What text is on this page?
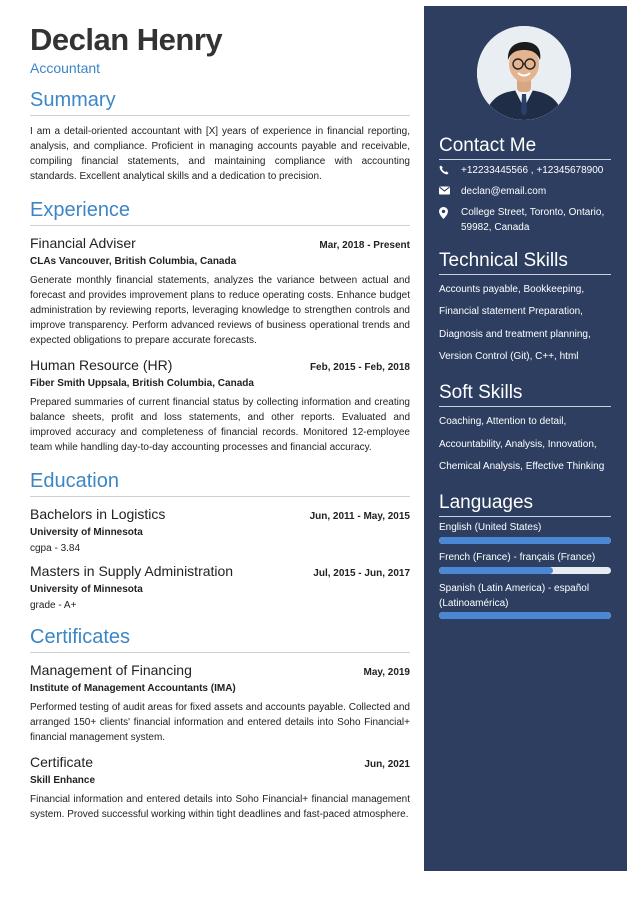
Declan Henry
Accountant
Summary
I am a detail-oriented accountant with [X] years of experience in financial reporting, analysis, and compliance. Proficient in managing accounts payable and receivable, compiling financial statements, and maintaining compliance with accounting standards. Excellent analytical skills and a dedication to precision.
Experience
Financial Adviser	Mar, 2018 - Present
CLAs Vancouver, British Columbia, Canada
Generate monthly financial statements, analyzes the variance between actual and forecast and provides improvement plans to reduce operating costs. Enhance budget administration by reviewing reports, leveraging knowledge to strengthen controls and improve transparency. Perform advanced reviews of business operational trends and expected obligations to prepare accurate forecasts.
Human Resource (HR)	Feb, 2015 - Feb, 2018
Fiber Smith Uppsala, British Columbia, Canada
Prepared summaries of current financial status by collecting information and creating balance sheets, profit and loss statements, and other reports. Evaluated and improved accuracy and completeness of financial records. Monitored 12-employee team while handling day-to-day accounting processes and financial accuracy.
Education
Bachelors in Logistics	Jun, 2011 - May, 2015
University of Minnesota
cgpa - 3.84
Masters in Supply Administration	Jul, 2015 - Jun, 2017
University of Minnesota
grade - A+
Certificates
Management of Financing	May, 2019
Institute of Management Accountants (IMA)
Performed testing of audit areas for fixed assets and accounts payable. Collected and arranged 150+ clients' financial information and entered details into Soho Financial+ financial management system.
Certificate	Jun, 2021
Skill Enhance
Financial information and entered details into Soho Financial+ financial management system. Proved successful working within tight deadlines and fast-paced atmosphere.
Contact Me
+12233445566 , +12345678900
declan@email.com
College Street, Toronto, Ontario, 59982, Canada
Technical Skills
Accounts payable, Bookkeeping,
Financial statement Preparation,
Diagnosis and treatment planning,
Version Control (Git), C++, html
Soft Skills
Coaching, Attention to detail,
Accountability, Analysis, Innovation,
Chemical Analysis, Effective Thinking
Languages
English (United States)
French (France) - français (France)
Spanish (Latin America) - español (Latinoamérica)
